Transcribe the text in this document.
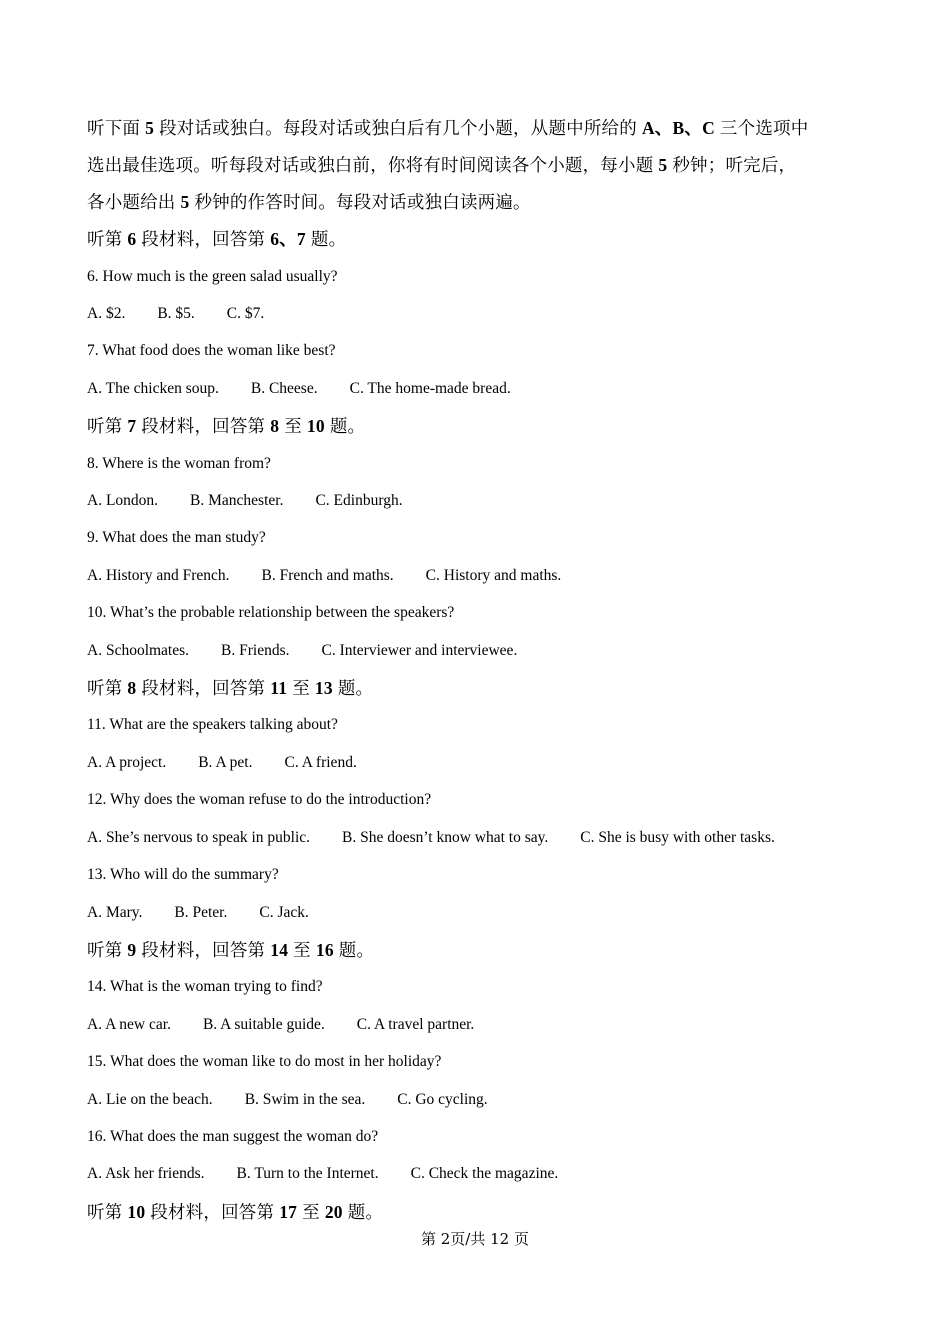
听下面 5 段对话或独白。每段对话或独白后有几个小题，从题中所给的 A、B、C 三个选项中
选出最佳选项。听每段对话或独白前，你将有时间阅读各个小题，每小题 5 秒钟；听完后，
各小题给出 5 秒钟的作答时间。每段对话或独白读两遍。
听第 6 段材料，回答第 6、7 题。
6. How much is the green salad usually?
A. $2. B. $5. C. $7.
7. What food does the woman like best?
A. The chicken soup. B. Cheese. C. The home-made bread.
听第 7 段材料，回答第 8 至 10 题。
8. Where is the woman from?
A. London. B. Manchester. C. Edinburgh.
9. What does the man study?
A. History and French. B. French and maths. C. History and maths.
10. What’s the probable relationship between the speakers?
A. Schoolmates. B. Friends. C. Interviewer and interviewee.
听第 8 段材料，回答第 11 至 13 题。
11. What are the speakers talking about?
A. A project. B. A pet. C. A friend.
12. Why does the woman refuse to do the introduction?
A. She’s nervous to speak in public. B. She doesn’t know what to say. C. She is busy with other tasks.
13. Who will do the summary?
A. Mary. B. Peter. C. Jack.
听第 9 段材料，回答第 14 至 16 题。
14. What is the woman trying to find?
A. A new car. B. A suitable guide. C. A travel partner.
15. What does the woman like to do most in her holiday?
A. Lie on the beach. B. Swim in the sea. C. Go cycling.
16. What does the man suggest the woman do?
A. Ask her friends. B. Turn to the Internet. C. Check the magazine.
听第 10 段材料，回答第 17 至 20 题。
第 2页/共 12 页
